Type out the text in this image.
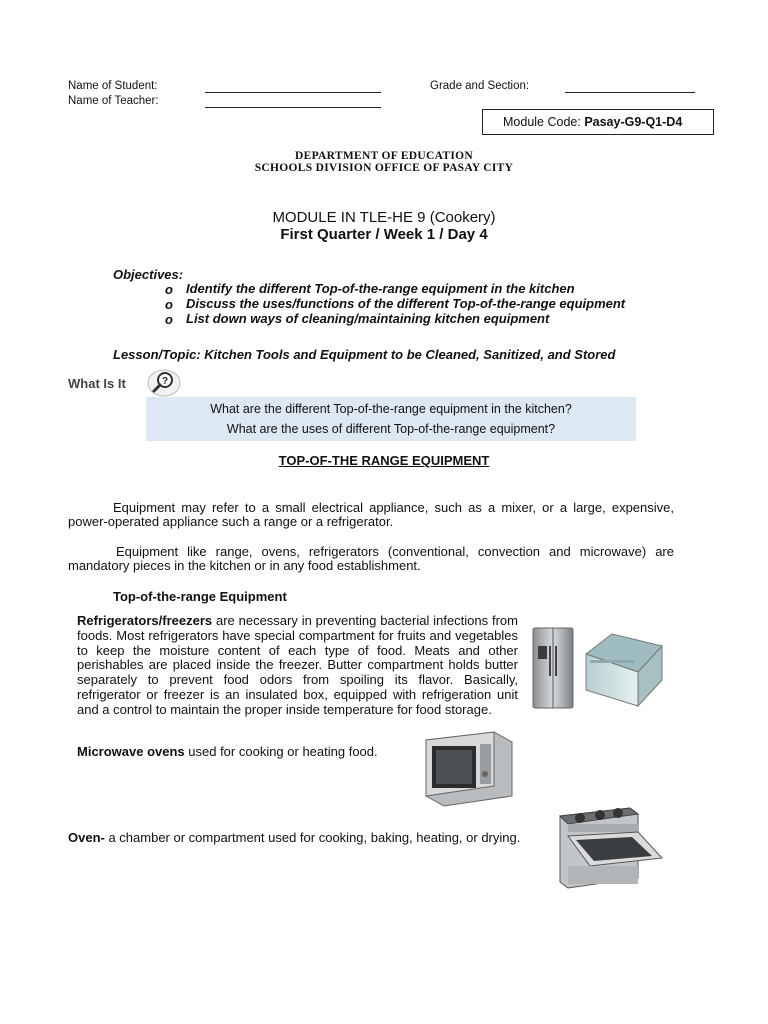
Name of Student:
Name of Teacher:
Grade and Section:
Module Code: Pasay-G9-Q1-D4
DEPARTMENT OF EDUCATION
SCHOOLS DIVISION OFFICE OF PASAY CITY
MODULE IN TLE-HE 9 (Cookery)
First Quarter / Week 1 / Day 4
Objectives:
o Identify the different Top-of-the-range equipment in the kitchen
o Discuss the uses/functions of the different Top-of-the-range equipment
o List down ways of cleaning/maintaining kitchen equipment
Lesson/Topic: Kitchen Tools and Equipment to be Cleaned, Sanitized, and Stored
What Is It	?
What are the different Top-of-the-range equipment in the kitchen?
What are the uses of different Top-of-the-range equipment?
TOP-OF-THE RANGE EQUIPMENT

Equipment may refer to a small electrical appliance, such as a mixer, or a large, expensive, power-operated appliance such a range or a refrigerator.

Equipment like range, ovens, refrigerators (conventional, convection and microwave) are mandatory pieces in the kitchen or in any food establishment.

Top-of-the-range Equipment

Refrigerators/freezers are necessary in preventing bacterial infections from foods. Most refrigerators have special compartment for fruits and vegetables to keep the moisture content of each type of food. Meats and other perishables are placed inside the freezer. Butter compartment holds butter separately to prevent food odors from spoiling its flavor. Basically, refrigerator or freezer is an insulated box, equipped with refrigeration unit and a control to maintain the proper inside temperature for food storage.

Microwave ovens used for cooking or heating food.

Oven- a chamber or compartment used for cooking, baking, heating, or drying.
